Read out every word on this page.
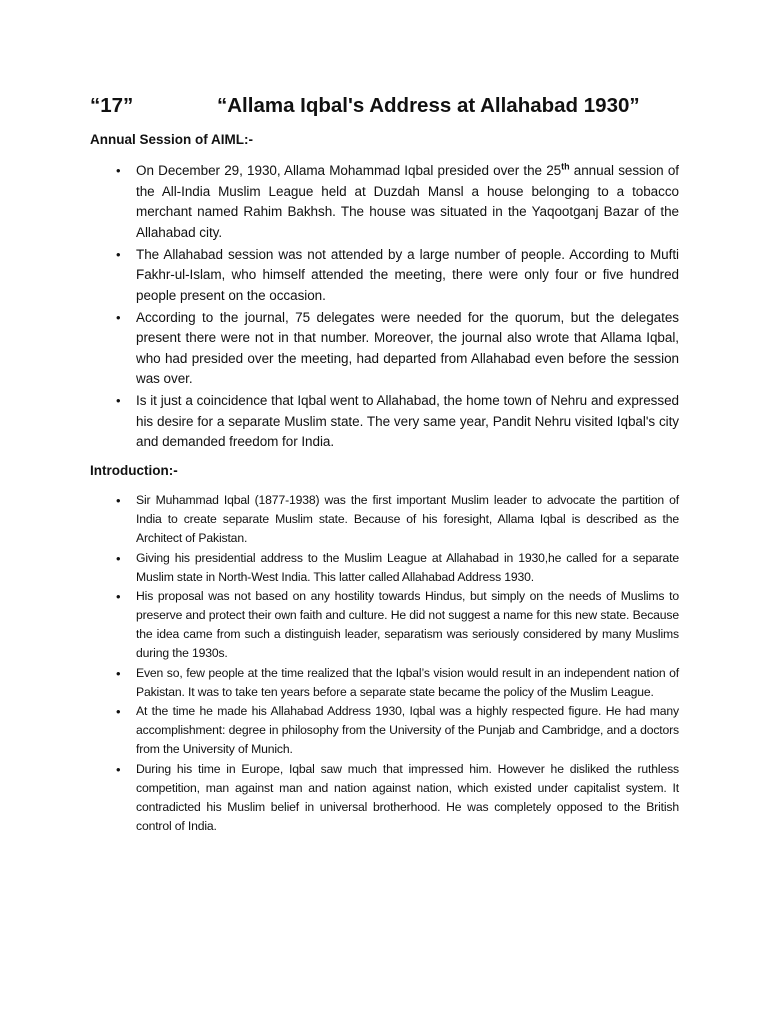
“17”	“Allama Iqbal's Address at Allahabad 1930”
Annual Session of AIML:-
• On December 29, 1930, Allama Mohammad Iqbal presided over the 25th annual session of the All-India Muslim League held at Duzdah Mansl a house belonging to a tobacco merchant named Rahim Bakhsh. The house was situated in the Yaqootganj Bazar of the Allahabad city.
• The Allahabad session was not attended by a large number of people. According to Mufti Fakhr-ul-Islam, who himself attended the meeting, there were only four or five hundred people present on the occasion.
• According to the journal, 75 delegates were needed for the quorum, but the delegates present there were not in that number. Moreover, the journal also wrote that Allama Iqbal, who had presided over the meeting, had departed from Allahabad even before the session was over.
• Is it just a coincidence that Iqbal went to Allahabad, the home town of Nehru and expressed his desire for a separate Muslim state. The very same year, Pandit Nehru visited Iqbal's city and demanded freedom for India.
Introduction:-
• Sir Muhammad Iqbal (1877-1938) was the first important Muslim leader to advocate the partition of India to create separate Muslim state. Because of his foresight, Allama Iqbal is described as the Architect of Pakistan.
• Giving his presidential address to the Muslim League at Allahabad in 1930,he called for a separate Muslim state in North-West India. This latter called Allahabad Address 1930.
• His proposal was not based on any hostility towards Hindus, but simply on the needs of Muslims to preserve and protect their own faith and culture. He did not suggest a name for this new state. Because the idea came from such a distinguish leader, separatism was seriously considered by many Muslims during the 1930s.
• Even so, few people at the time realized that the Iqbal’s vision would result in an independent nation of Pakistan. It was to take ten years before a separate state became the policy of the Muslim League.
• At the time he made his Allahabad Address 1930, Iqbal was a highly respected figure. He had many accomplishment: degree in philosophy from the University of the Punjab and Cambridge, and a doctors from the University of Munich.
• During his time in Europe, Iqbal saw much that impressed him. However he disliked the ruthless competition, man against man and nation against nation, which existed under capitalist system. It contradicted his Muslim belief in universal brotherhood. He was completely opposed to the British control of India.
